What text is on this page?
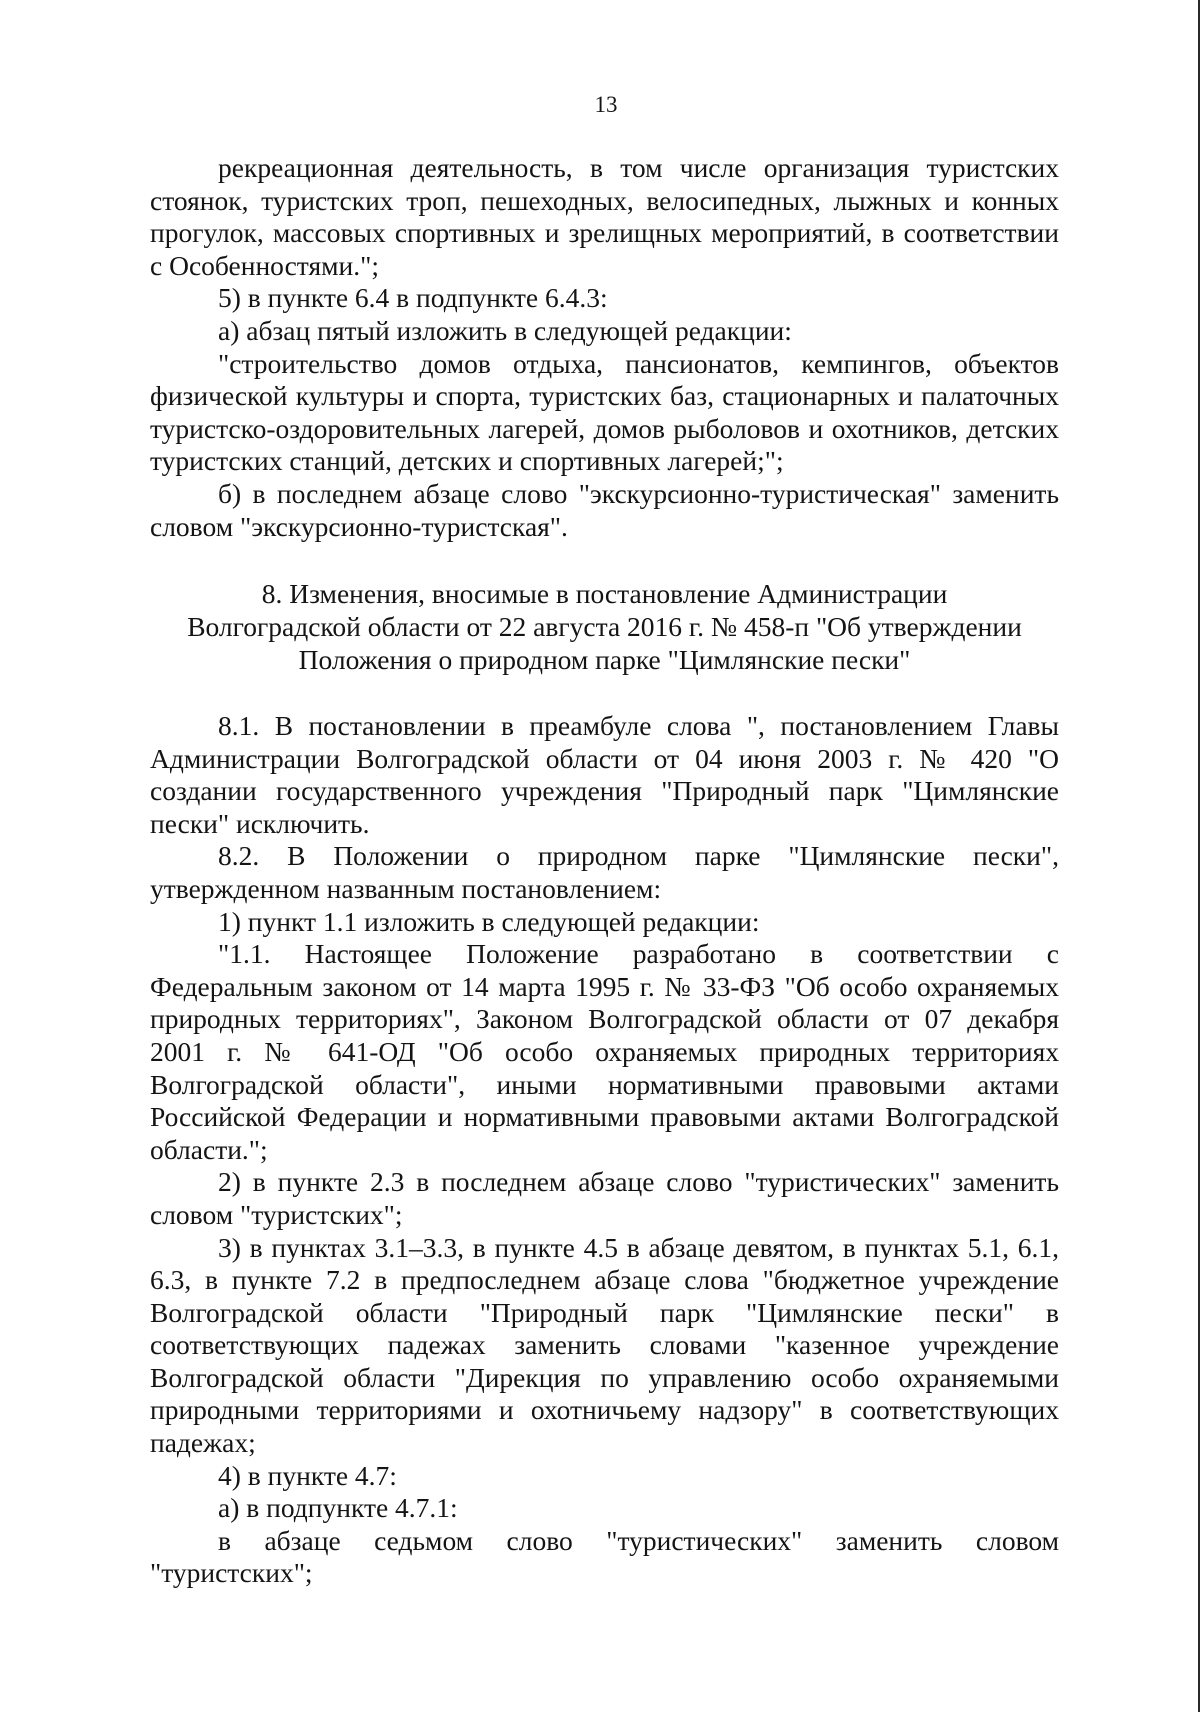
13

рекреационная деятельность, в том числе организация туристских стоянок, туристских троп, пешеходных, велосипедных, лыжных и конных прогулок, массовых спортивных и зрелищных мероприятий, в соответствии с Особенностями.";

5) в пункте 6.4 в подпункте 6.4.3:

а) абзац пятый изложить в следующей редакции:

"строительство домов отдыха, пансионатов, кемпингов, объектов физической культуры и спорта, туристских баз, стационарных и палаточных туристско-оздоровительных лагерей, домов рыболовов и охотников, детских туристских станций, детских и спортивных лагерей;";

б) в последнем абзаце слово "экскурсионно-туристическая" заменить словом "экскурсионно-туристская".

8. Изменения, вносимые в постановление Администрации
Волгоградской области от 22 августа 2016 г. № 458-п "Об утверждении
Положения о природном парке "Цимлянские пески"

8.1. В постановлении в преамбуле слова ", постановлением Главы Администрации Волгоградской области от 04 июня 2003 г. № 420 "О создании государственного учреждения "Природный парк "Цимлянские пески" исключить.

8.2. В Положении о природном парке "Цимлянские пески", утвержденном названным постановлением:

1) пункт 1.1 изложить в следующей редакции:

"1.1. Настоящее Положение разработано в соответствии с Федеральным законом от 14 марта 1995 г. № 33-ФЗ "Об особо охраняемых природных территориях", Законом Волгоградской области от 07 декабря 2001 г. № 641-ОД "Об особо охраняемых природных территориях Волгоградской области", иными нормативными правовыми актами Российской Федерации и нормативными правовыми актами Волгоградской области.";

2) в пункте 2.3 в последнем абзаце слово "туристических" заменить словом "туристских";

3) в пунктах 3.1–3.3, в пункте 4.5 в абзаце девятом, в пунктах 5.1, 6.1, 6.3, в пункте 7.2 в предпоследнем абзаце слова "бюджетное учреждение Волгоградской области "Природный парк "Цимлянские пески" в соответствующих падежах заменить словами "казенное учреждение Волгоградской области "Дирекция по управлению особо охраняемыми природными территориями и охотничьему надзору" в соответствующих падежах;

4) в пункте 4.7:

а) в подпункте 4.7.1:

в абзаце седьмом слово "туристических" заменить словом "туристских";
